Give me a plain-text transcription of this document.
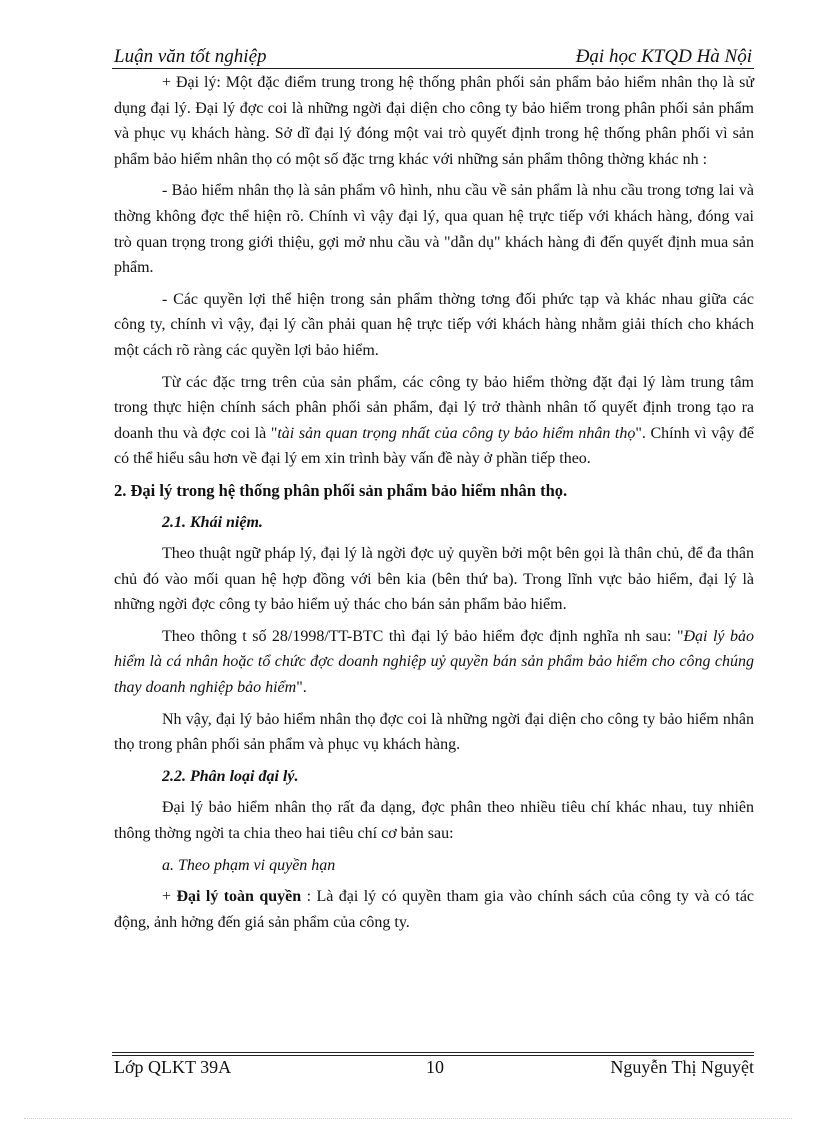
Luận văn tốt nghiệp	Đại học KTQD Hà Nội

+ Đại lý: Một đặc điểm trung trong hệ thống phân phối sản phẩm bảo hiểm nhân thọ là sử dụng đại lý. Đại lý đợc coi là những ngời đại diện cho công ty bảo hiểm trong phân phối sản phẩm và phục vụ khách hàng. Sở dĩ đại lý đóng một vai trò quyết định trong hệ thống phân phối vì sản phẩm bảo hiểm nhân thọ có một số đặc trng khác với những sản phẩm thông thờng khác nh :

- Bảo hiểm nhân thọ là sản phẩm vô hình, nhu cầu về sản phẩm là nhu cầu trong tơng lai và thờng không đợc thể hiện rõ. Chính vì vậy đại lý, qua quan hệ trực tiếp với khách hàng, đóng vai trò quan trọng trong giới thiệu, gợi mở nhu cầu và "dẫn dụ" khách hàng đi đến quyết định mua sản phẩm.

- Các quyền lợi thể hiện trong sản phẩm thờng tơng đối phức tạp và khác nhau giữa các công ty, chính vì vậy, đại lý cần phải quan hệ trực tiếp với khách hàng nhằm giải thích cho khách một cách rõ ràng các quyền lợi bảo hiểm.

Từ các đặc trng trên của sản phẩm, các công ty bảo hiểm thờng đặt đại lý làm trung tâm trong thực hiện chính sách phân phối sản phẩm, đại lý trở thành nhân tố quyết định trong tạo ra doanh thu và đợc coi là "tài sản quan trọng nhất của công ty bảo hiểm nhân thọ". Chính vì vậy để có thể hiểu sâu hơn về đại lý em xin trình bày vấn đề này ở phần tiếp theo.

2. Đại lý trong hệ thống phân phối sản phẩm bảo hiểm nhân thọ.
2.1. Khái niệm.

Theo thuật ngữ pháp lý, đại lý là ngời đợc uỷ quyền bởi một bên gọi là thân chủ, để đa thân chủ đó vào mối quan hệ hợp đồng với bên kia (bên thứ ba). Trong lĩnh vực bảo hiểm, đại lý là những ngời đợc công ty bảo hiểm uỷ thác cho bán sản phẩm bảo hiểm.

Theo thông t số 28/1998/TT-BTC thì đại lý bảo hiểm đợc định nghĩa nh sau: "Đại lý bảo hiểm là cá nhân hoặc tổ chức đợc doanh nghiệp uỷ quyền bán sản phẩm bảo hiểm cho công chúng thay doanh nghiệp bảo hiểm".

Nh vậy, đại lý bảo hiểm nhân thọ đợc coi là những ngời đại diện cho công ty bảo hiểm nhân thọ trong phân phối sản phẩm và phục vụ khách hàng.

2.2. Phân loại đại lý.

Đại lý bảo hiểm nhân thọ rất đa dạng, đợc phân theo nhiều tiêu chí khác nhau, tuy nhiên thông thờng ngời ta chia theo hai tiêu chí cơ bản sau:

a. Theo phạm vi quyền hạn

+ Đại lý toàn quyền : Là đại lý có quyền tham gia vào chính sách của công ty và có tác động, ảnh hởng đến giá sản phẩm của công ty.

Lớp QLKT 39A	10	Nguyễn Thị Nguyệt
